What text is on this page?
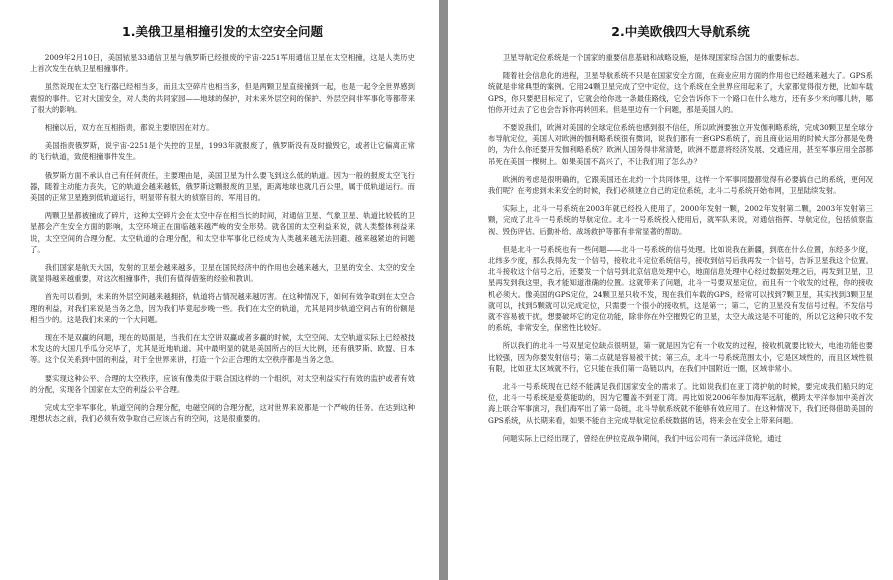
1.美俄卫星相撞引发的太空安全问题

2009年2月10日，美国铱星33通信卫星与俄罗斯已经报废的宇宙-2251军用通信卫星在太空相撞，这是人类历史上首次发生在轨卫星相撞事件。

虽然说现在太空飞行器已经相当多，而且太空碎片也相当多，但是两颗卫星直接撞到一起，也是一起令全世界感到震惊的事件。它对大国安全，对人类的共同家园——地球的保护，对未来外层空间的保护、外层空间非军事化等都带来了很大的影响。

相撞以后，双方在互相指责，都说主要原因在对方。

美国指责俄罗斯，说宇宙-2251是个失控的卫星，1993年就报废了，俄罗斯没有及时撤毁它，或者让它偏离正常的飞行轨道，致使相撞事件发生。

俄罗斯方面不承认自己有任何责任，主要理由是，美国卫星为什么要飞到这么低的轨道。因为一般的报废太空飞行器，随着主动能力丧失，它的轨道会越来越低，俄罗斯这颗报废的卫星，距离地球也就几百公里，属于低轨道运行。而美国的正常卫星跑到低轨道运行，明显带有很大的侦察目的、军用目的。

两颗卫星都被撞成了碎片，这种太空碎片会在太空中存在相当长的时间，对通信卫星、气象卫星、轨道比较低的卫星都会产生安全方面的影响，太空环境正在面临越来越严峻的安全形势。就各国的太空利益来说，就人类整体利益来说，太空空间的合理分配、太空轨道的合理分配，和太空非军事化已经成为人类越来越无法回避、越来越紧迫的问题了。

我们国家是航天大国，发射的卫星会越来越多，卫星在国民经济中的作用也会越来越大，卫星的安全、太空的安全就显得越来越重要，对这次相撞事件，我们有值得借鉴的经验和教训。

首先可以看到，未来的外层空间越来越拥挤，轨道将占情况越来越厉害。在这种情况下，如何有效争取到在太空合理的利益，对我们来说是当务之急，因为我们毕竟起步晚一些。我们在太空的轨道，尤其是同步轨道空间占有的份额是相当少的。这是我们未来的一个大问题。

现在不是双赢的问题，现在的局面是，当我们在太空讲双赢或者多赢的时候，太空空间、太空轨道实际上已经被技术发达的大国几乎瓜分完毕了，尤其是近地轨道。其中最明显的就是美国所占的巨大比例，还有俄罗斯、欧盟、日本等。这个仅关系到中国的利益，对于全世界来讲，打造一个公正合理的太空秩序都是当务之急。

要实现这种公平、合理的太空秩序，应该有像类似于联合国这样的一个组织，对太空利益实行有效的监护或者有效的分配，实现各个国家在太空的利益公平合理。

完成太空非军事化，轨道空间的合理分配，电磁空间的合理分配，这对世界来说都是一个严峻的任务。在达到这种理想状态之前，我们必须有效争取自己应该占有的空间，这是很重要的。

2.中美欧俄四大导航系统

卫星导航定位系统是一个国家的重要信息基础和战略设施，是体现国家综合国力的重要标志。

随着社会信息化的进程，卫星导航系统不只是在国家安全方面，在商业应用方面的作用也已经越来越大了。GPS系统就是非常典型的案例。它用24颗卫星完成了空中定位，这个系统在全世界应用起来了，大家都觉得很方便，比如车载GPS，你只要把目标定了，它就会给你选一条最佳路线，它会告诉你下一个路口在什么地方，还有多少米向哪儿转，哪怕你开过去了它也会告诉你再转回来。但是里边有一个问题，那是美国人的。

不要说我们，欧洲对美国的全球定位系统也感到很不信任，所以欧洲要独立开发伽利略系统，完成30颗卫星全球分布导航定位，美国人对欧洲的伽利略系统很有微词，说我们都有一套GPS系统了，而且商业运用的时候大部分都是免费的，为什么你还要开发伽利略系统？欧洲人国务得非常清楚，欧洲不愿意将经济发展、交通应用，甚至军事应用全部都吊死在美国一棵树上。如果美国不高兴了，不让我们用了怎么办？

欧洲的考虑是很明确的，它跟美国还在北约一个共同体里，这样一个军事同盟都觉得有必要搞自己的系统，更何况我们呢？在考虑到未来安全的时候，我们必须建立自己的定位系统，北斗二号系统开始布网，卫星陆续发射。

实际上，北斗一号系统在2003年就已经投入使用了，2000年发射一颗，2002年发射第二颗，2003年发射第三颗，完成了北斗一号系统的导航定位。北斗一号系统投入使用后，就军队来说，对通信指挥、导航定位，包括侦察监视、毁伤评估、后勤补给、战场救护等都有非常显著的帮助。

但是北斗一号系统也有一些问题——北斗一号系统的信号处理。比如说我在新疆，到底在什么位置，东经多少度，北纬多少度，那么我得先发一个信号，接收北斗定位系统信号，接收到信号后我再发一个信号，告诉卫星我这个位置。北斗接收这个信号之后，还要发一个信号到北京信息处理中心，地面信息处理中心经过数据处理之后，再发到卫星，卫星再发到我这里，我才能知道准确的位置。这就带来了问题，北斗一号要双星定位，而且有一个收发的过程，你的接收机必须大。像美国的GPS定位，24颗卫星只收不发，现在我们车载的GPS，经常可以找到7颗卫星，其实找到3颗卫星就可以，找到5颗就可以完成定位，只需要一个很小的接收机，这是第一；第二，它的卫星没有发信号过程，不发信号就不容易被干扰，想要破坏它的定位功能，除非你在外空摧毁它的卫星，太空大战这是不可能的，所以它这种只收不发的系统，非常安全，保密性比较好。

所以我们的北斗一号双星定位缺点很明显，第一就是因为它有一个收发的过程，接收机就要比较大，电池功能也要比较强，因为你要发射信号；第二点就是容易被干扰；第三点，北斗一号系统范围太小，它是区域性的，而且区域性很有限，比如亚太区域就不行，它只能在我们第一岛链以内，在我们中国附近一圈，区域非常小。

北斗一号系统现在已经不能满足我们国家安全的需求了。比如说我们在亚丁湾护航的时候，要完成我们船只的定位，北斗一号系统是爱莫能助的，因为它覆盖不到亚丁湾。再比如说2006年参加海军远航，横跨太平洋参加中美首次海上联合军事演习，我们海军出了第一岛链，北斗导航系统就不能够有效应用了。在这种情况下，我们还得借助美国的GPS系统，从长期来看，如果不能自主完成导航定位系统数据的话，将来会在安全上带来问题。

问题实际上已经出现了，曾经在伊拉克战争期间，我们中远公司有一条远洋货轮，通过
